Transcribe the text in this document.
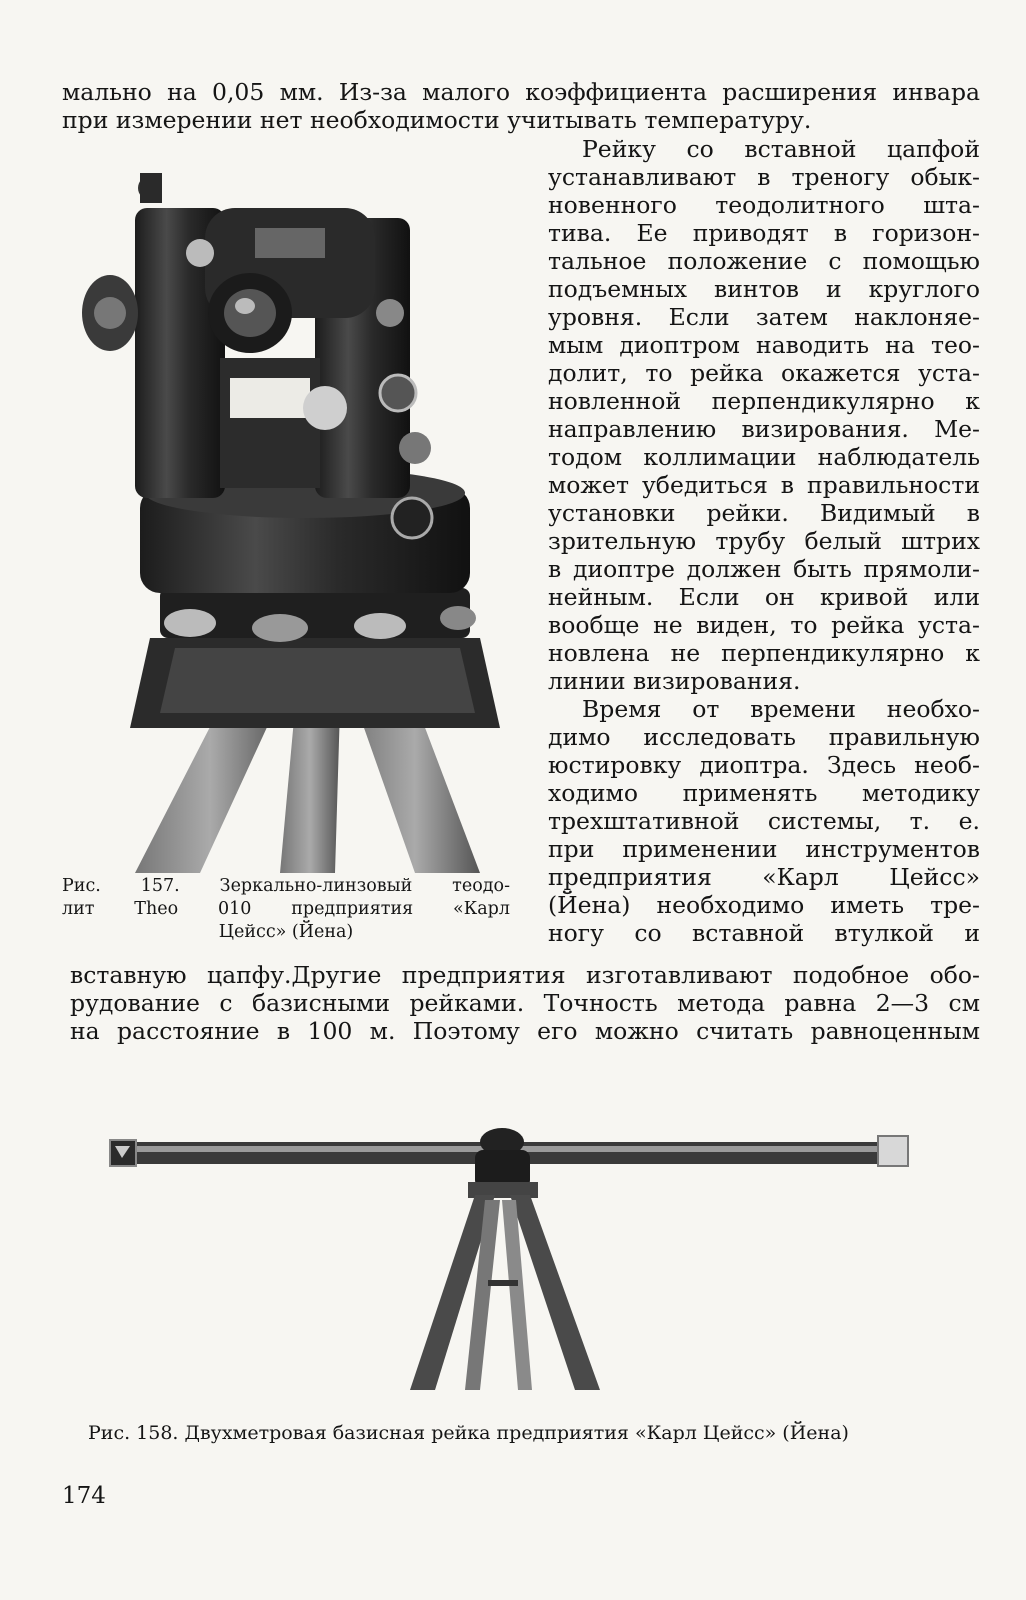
мально на 0,05 мм. Из-за малого коэффициента расширения инвара
при измерении нет необходимости учитывать температуру.
Рейку со вставной цапфой
устанавливают в треногу обык-
новенного теодолитного шта-
тива. Ее приводят в горизон-
тальное положение с помощью
подъемных винтов и круглого
уровня. Если затем наклоняе-
мым диоптром наводить на тео-
долит, то рейка окажется уста-
новленной перпендикулярно к
направлению визирования. Ме-
тодом коллимации наблюдатель
может убедиться в правильности
установки рейки. Видимый в
зрительную трубу белый штрих
в диоптре должен быть прямоли-
нейным. Если он кривой или
вообще не виден, то рейка уста-
новлена не перпендикулярно к
линии визирования.
Время от времени необхо-
димо исследовать правильную
юстировку диоптра. Здесь необ-
ходимо применять методику
трехштативной системы, т. е.
при применении инструментов
предприятия «Карл Цейсс»
(Йена) необходимо иметь тре-
ногу со вставной втулкой и
Рис. 157. Зеркально-линзовый теодо-
лит Theo 010 предприятия «Карл
Цейсс» (Йена)
вставную цапфу.Другие предприятия изготавливают подобное обо-
рудование с базисными рейками. Точность метода равна 2—3 см
на расстояние в 100 м. Поэтому его можно считать равноценным
Рис. 158. Двухметровая базисная рейка предприятия «Карл Цейсс» (Йена)
174
